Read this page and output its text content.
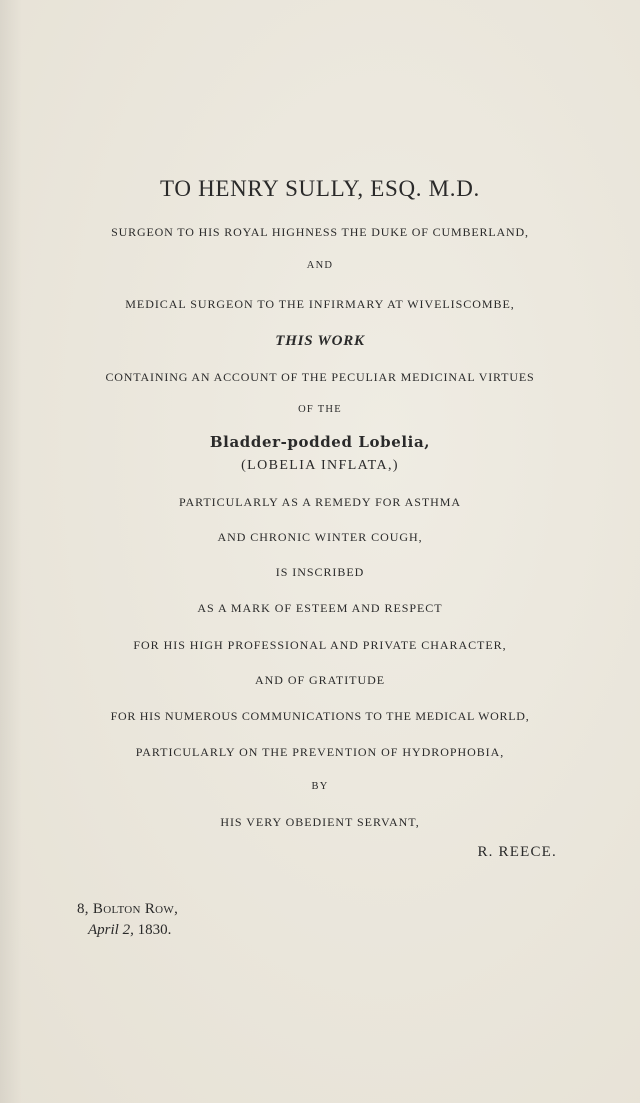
TO HENRY SULLY, ESQ. M.D.
SURGEON TO HIS ROYAL HIGHNESS THE DUKE OF CUMBERLAND,
AND
MEDICAL SURGEON TO THE INFIRMARY AT WIVELISCOMBE,
THIS WORK
CONTAINING AN ACCOUNT OF THE PECULIAR MEDICINAL VIRTUES
OF THE
Bladder-podded Lobelia,
(LOBELIA INFLATA,)
PARTICULARLY AS A REMEDY FOR ASTHMA
AND CHRONIC WINTER COUGH,
IS INSCRIBED
AS A MARK OF ESTEEM AND RESPECT
FOR HIS HIGH PROFESSIONAL AND PRIVATE CHARACTER,
AND OF GRATITUDE
FOR HIS NUMEROUS COMMUNICATIONS TO THE MEDICAL WORLD,
PARTICULARLY ON THE PREVENTION OF HYDROPHOBIA,
BY
HIS VERY OBEDIENT SERVANT,
R. REECE.
8, Bolton Row,
April 2, 1830.
